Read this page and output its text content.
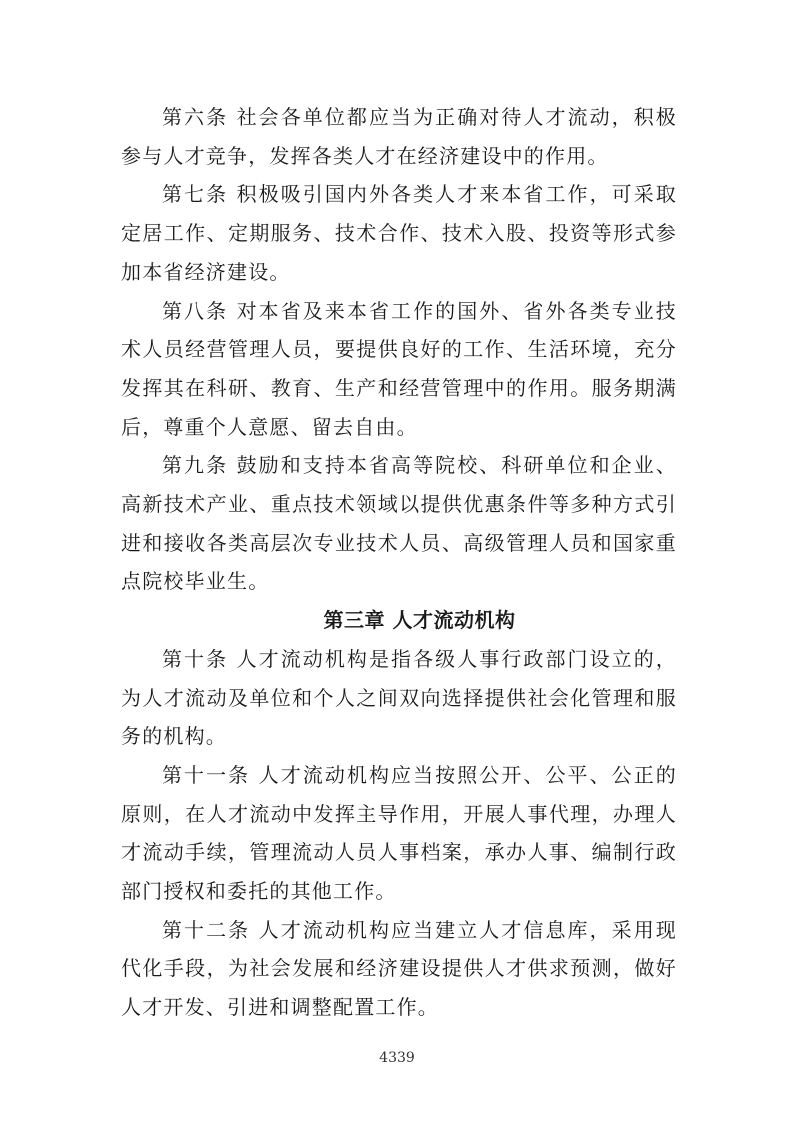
第六条 社会各单位都应当为正确对待人才流动，积极参与人才竞争，发挥各类人才在经济建设中的作用。

第七条 积极吸引国内外各类人才来本省工作，可采取定居工作、定期服务、技术合作、技术入股、投资等形式参加本省经济建设。

第八条 对本省及来本省工作的国外、省外各类专业技术人员经营管理人员，要提供良好的工作、生活环境，充分发挥其在科研、教育、生产和经营管理中的作用。服务期满后，尊重个人意愿、留去自由。

第九条 鼓励和支持本省高等院校、科研单位和企业、高新技术产业、重点技术领域以提供优惠条件等多种方式引进和接收各类高层次专业技术人员、高级管理人员和国家重点院校毕业生。

第三章 人才流动机构

第十条 人才流动机构是指各级人事行政部门设立的，为人才流动及单位和个人之间双向选择提供社会化管理和服务的机构。

第十一条 人才流动机构应当按照公开、公平、公正的原则，在人才流动中发挥主导作用，开展人事代理，办理人才流动手续，管理流动人员人事档案，承办人事、编制行政部门授权和委托的其他工作。

第十二条 人才流动机构应当建立人才信息库，采用现代化手段，为社会发展和经济建设提供人才供求预测，做好人才开发、引进和调整配置工作。

4339
